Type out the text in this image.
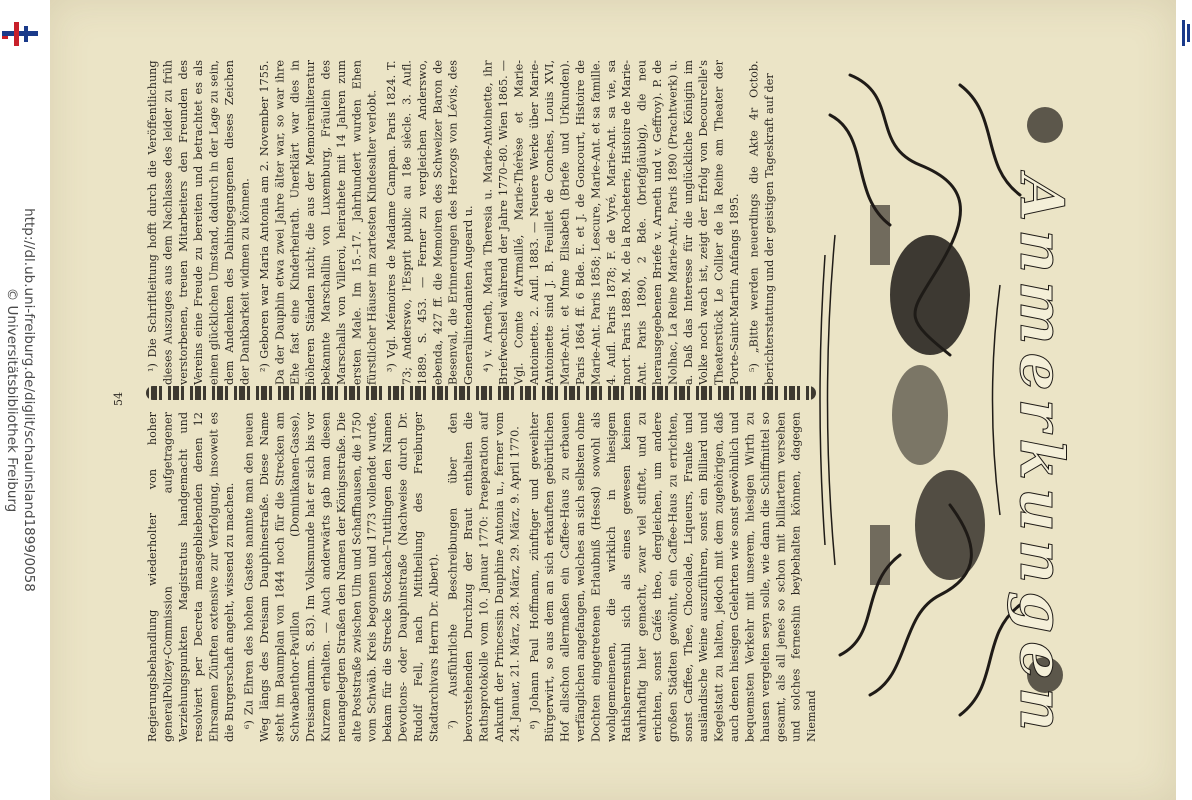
http://dl.ub.uni-freiburg.de/diglit/schauinsland1899/0058
© Universitätsbibliothek Freiburg

¹) Die Schriftleitung hofft durch die Veröffentlichung dieses Auszuges aus dem Nachlasse des leider zu früh verstorbenen, treuen Mitarbeiters den Freunden des Vereins eine Freude zu bereiten und betrachtet es als einen glücklichen Umstand, dadurch in der Lage zu sein, dem Andenken des Dahingegangenen dieses Zeichen der Dankbarkeit widmen zu können. ²) Geboren war Maria Antonia am 2. November 1755. Da der Dauphin etwa zwei Jahre älter war, so war ihre Ehe fast eine Kinderheirath. Unerklärt war dies in höheren Ständen nicht; die aus der Memoirenliteratur bekannte Marschallin von Luxemburg, Fräulein des Marschalls von Villeroi, heirathete mit 14 Jahren zum ersten Male. Im 15.–17. Jahrhundert wurden Ehen fürstlicher Häuser im zartesten Kindesalter verlobt. ³) Vgl. Mémoires de Madame Campan. Paris 1824. T. 73; Anderswo, l'Esprit public au 18e siècle. 3. Aufl. 1889. S. 453. — Ferner zu vergleichen Anderswo, ebenda, 427 ff. die Memoiren des Schweizer Baron de Besenval, die Erinnerungen des Herzogs von Lévis, des Generalintendanten Augeard u. ⁴) v. Arneth, Maria Theresia u. Marie-Antoinette, ihr Briefwechsel während der Jahre 1770–80. Wien 1865. — Vgl. Comte d'Armaillé, Marie-Thérèse et Marie-Antoinette. 2. Aufl. 1883. — Neuere Werke über Marie-Antoinette sind J. B. Feuillet de Conches, Louis XVI, Marie-Ant. et Mme Elisabeth (Briefe und Urkunden). Paris 1864 ff. 6 Bde. E. et J. de Goncourt, Histoire de Marie-Ant. Paris 1858; Lescure, Marie-Ant. et sa famille. 4. Aufl. Paris 1878; F. de Vyré, Marie-Ant. sa vie, sa mort. Paris 1889. M. de la Rocheterie, Histoire de Marie-Ant. Paris 1890, 2 Bde. (briefgläubig), die neu herausgegebenen Briefe v. Arneth und v. Geffroy). P. de Nolhac, La Reine Marie-Ant., Paris 1890 (Prachtwerk) u. a. Daß das Interesse für die unglückliche Königin im Volke noch wach ist, zeigt der Erfolg von Decourcelle's Theaterstück Le Collier de la Reine am Theater der Porte-Saint-Martin Anfangs 1895. ⁵) „Bitte werden neuerdings die Akte 4r Octob. berichterstattung und der geistigen Tageskraft auf der

54

Regierungsbehandlung wiederholter von hoher generalPolizey-Commission aufgetragener Verziehungspunkten Magistratus handgemacht und resolviert per Decreta maasgebliebenden denen 12 Ehrsamen Zünften extensive zur Verfolgung, insoweit es die Burgerschaft angeht, wissend zu machen. ⁶) Zu Ehren des hohen Gastes nannte man den neuen Weg längs des Dreisam Dauphinestraße. Diese Name steht im Baumplan von 1844 noch für die Strecken am Schwabenthor-Pavillon (Dominikanen-Gasse), Dreisamdamm. S. 83). Im Volksmunde hat er sich bis vor Kurzem erhalten. — Auch anderwärts gab man diesen neuangelegten Straßen den Namen der Königsstraße. Die alte Poststraße zwischen Ulm und Schaffhausen, die 1750 vom Schwäb. Kreis begonnen und 1773 vollendet wurde, bekam für die Strecke Stockach–Tuttlingen den Namen Devotions- oder Dauphinstraße (Nachweise durch Dr. Rudolf Fell, nach Mittheilung des Freiburger Stadtarchivars Herrn Dr. Albert). ⁷) Ausführliche Beschreibungen über den bevorstehenden Durchzug der Braut enthalten die Rathsprotokolle vom 10. Januar 1770: Praeparation auf Ankunft der Princessin Dauphine Antonia u., ferner vom 24. Januar, 21. März, 28. März, 29. März, 9. April 1770. ⁸) Johann Paul Hoffmann, zünftiger und geweihter Bürgerwirt, so aus dem an sich erkauften gebürtlichen Hof allschon allermaßen ein Caffee-Haus zu erbauen verfänglichen angefangen, welches an sich selbsten ohne Dochten eingetretenen Erlaubniß (Hessd) sowohl als wohlgemeinenen, die wirklich in hiesigem Rathsherrenstuhl sich als eines gewesen keinen wahrhaftig hier gemacht, zwar viel stiftet, und zu erichten, sonst Cafés theo, dergleichen, um andere großen Städten gewöhnt, ein Caffee-Haus zu errichten, sonst Caffee, Thee, Chocolade, Liqueurs, Franke und ausländische Weine auszuführen, sonst ein Billiard und Kegelstatt zu halten, jedoch mit dem zugehörigen, daß auch denen hiesigen Gelehrten wie sonst gewöhnlich und bequemsten Verkehr mit unserem, hiesigen Wirth zu hausen vergelten seyn solle, wie dann die Schiffmittel so gesamt, als all jenes so schon mit billiartern versehen und solches ferneshin beybehalten können, dagegen Niemand	Anmerkungen
